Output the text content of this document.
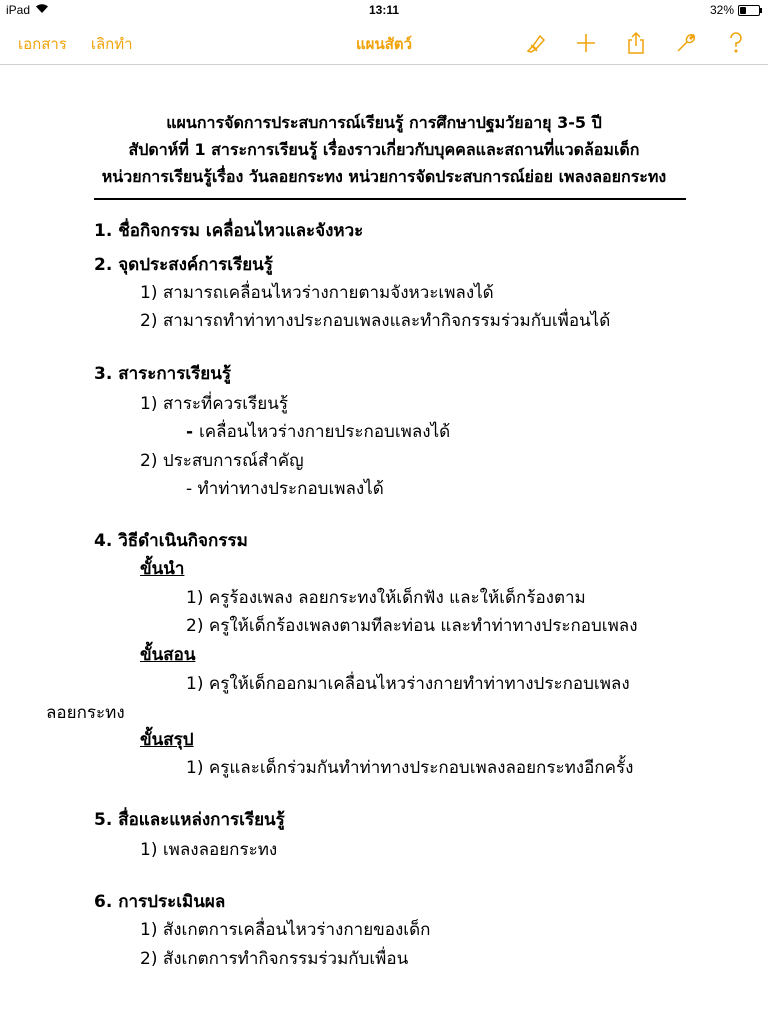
iPad	13:11	32%
เอกสาร เลิกทำ	แผนสัตว์
แผนการจัดการประสบการณ์เรียนรู้ การศึกษาปฐมวัยอายุ 3-5 ปี
สัปดาห์ที่ 1 สาระการเรียนรู้ เรื่องราวเกี่ยวกับบุคคลและสถานที่แวดล้อมเด็ก
หน่วยการเรียนรู้เรื่อง วันลอยกระทง หน่วยการจัดประสบการณ์ย่อย เพลงลอยกระทง
1. ชื่อกิจกรรม เคลื่อนไหวและจังหวะ
2. จุดประสงค์การเรียนรู้
1) สามารถเคลื่อนไหวร่างกายตามจังหวะเพลงได้
2) สามารถทำท่าทางประกอบเพลงและทำกิจกรรมร่วมกับเพื่อนได้
3. สาระการเรียนรู้
1) สาระที่ควรเรียนรู้
- เคลื่อนไหวร่างกายประกอบเพลงได้
2) ประสบการณ์สำคัญ
- ทำท่าทางประกอบเพลงได้
4. วิธีดำเนินกิจกรรม
ขั้นนำ
1) ครูร้องเพลง ลอยกระทงให้เด็กฟัง และให้เด็กร้องตาม
2) ครูให้เด็กร้องเพลงตามทีละท่อน และทำท่าทางประกอบเพลง
ขั้นสอน
1) ครูให้เด็กออกมาเคลื่อนไหวร่างกายทำท่าทางประกอบเพลง
ลอยกระทง
ขั้นสรุป
1) ครูและเด็กร่วมกันทำท่าทางประกอบเพลงลอยกระทงอีกครั้ง
5. สื่อและแหล่งการเรียนรู้
1) เพลงลอยกระทง
6. การประเมินผล
1) สังเกตการเคลื่อนไหวร่างกายของเด็ก
2) สังเกตการทำกิจกรรมร่วมกับเพื่อน
